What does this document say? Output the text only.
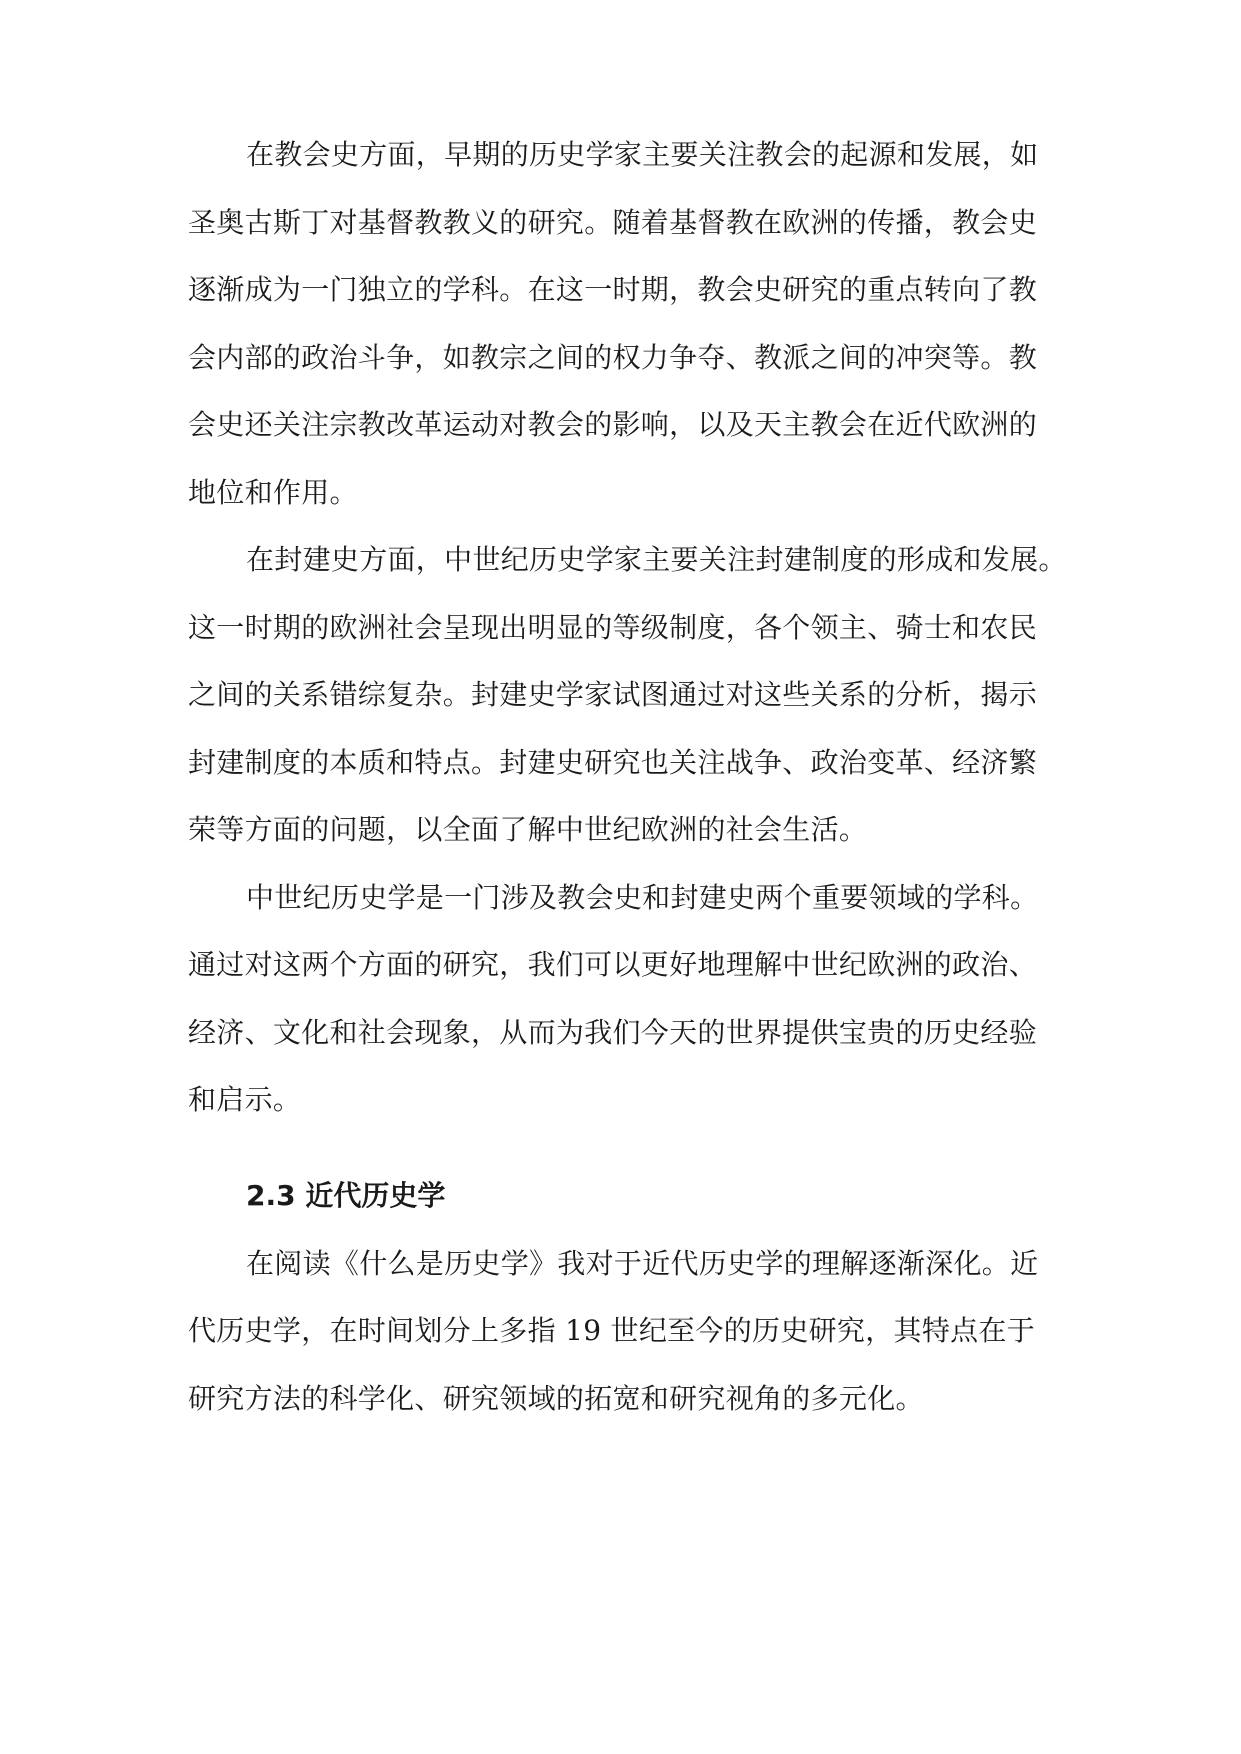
在教会史方面，早期的历史学家主要关注教会的起源和发展，如
圣奥古斯丁对基督教教义的研究。随着基督教在欧洲的传播，教会史
逐渐成为一门独立的学科。在这一时期，教会史研究的重点转向了教
会内部的政治斗争，如教宗之间的权力争夺、教派之间的冲突等。教
会史还关注宗教改革运动对教会的影响，以及天主教会在近代欧洲的
地位和作用。
在封建史方面，中世纪历史学家主要关注封建制度的形成和发展。
这一时期的欧洲社会呈现出明显的等级制度，各个领主、骑士和农民
之间的关系错综复杂。封建史学家试图通过对这些关系的分析，揭示
封建制度的本质和特点。封建史研究也关注战争、政治变革、经济繁
荣等方面的问题，以全面了解中世纪欧洲的社会生活。
中世纪历史学是一门涉及教会史和封建史两个重要领域的学科。
通过对这两个方面的研究，我们可以更好地理解中世纪欧洲的政治、
经济、文化和社会现象，从而为我们今天的世界提供宝贵的历史经验
和启示。
2.3 近代历史学
在阅读《什么是历史学》我对于近代历史学的理解逐渐深化。近
代历史学，在时间划分上多指 19 世纪至今的历史研究，其特点在于
研究方法的科学化、研究领域的拓宽和研究视角的多元化。
